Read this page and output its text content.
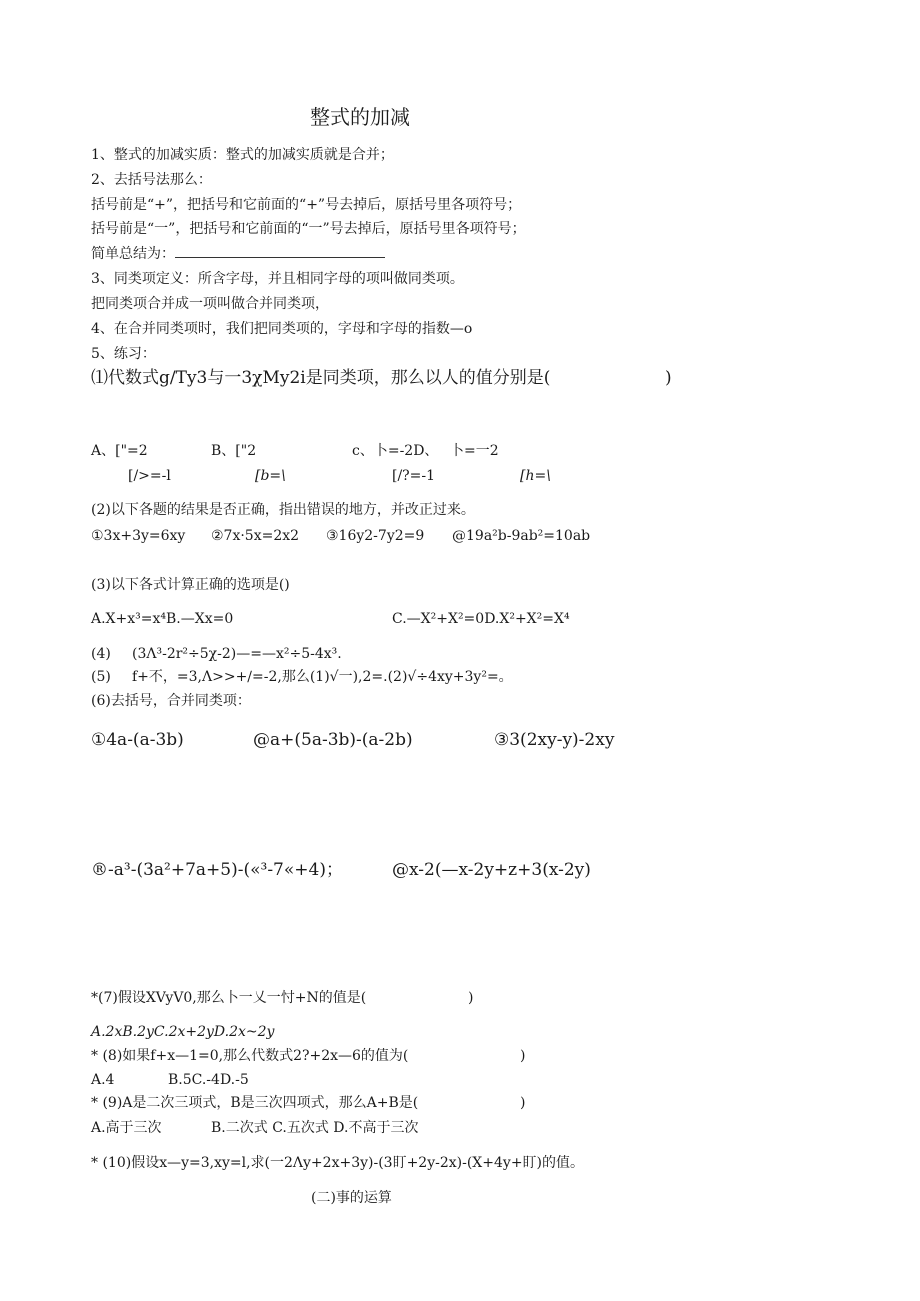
整式的加减
1、整式的加减实质：整式的加减实质就是合并；
2、去括号法那么：
括号前是“+”，把括号和它前面的“+”号去掉后，原括号里各项符号；
括号前是“一”，把括号和它前面的“一”号去掉后，原括号里各项符号；
简单总结为：
3、同类项定义：所含字母，并且相同字母的项叫做同类项。
把同类项合并成一项叫做合并同类项，
4、在合并同类项时，我们把同类项的，字母和字母的指数—o
5、练习：
⑴代数式g/Ty3与一3χMy2i是同类项，那么以人的值分别是(	)
A、["=2	B、["2	c、卜=-2D、 卜=一2
[/>=-l	[b=\	[/?=-1	[h=\
(2)以下各题的结果是否正确，指出错误的地方，并改正过来。
①3x+3y=6xy ②7x·5x=2x2 ③16y2-7y2=9 @19a²b-9ab²=10ab
(3)以下各式计算正确的选项是()
A.X+x³=x⁴B.—Xx=0	C.—X²+X²=0D.X²+X²=X⁴
(4) (3Λ³-2r²÷5χ-2)—=—x²÷5-4x³.
(5) f+不，=3,Λ>>+∕=-2,那么(1)√一),2=.(2)√÷4xy+3y²=。
(6)去括号，合并同类项：
①4a-(a-3b)	@a+(5a-3b)-(a-2b)	③3(2xy-y)-2xy
®-a³-(3a²+7a+5)-(«³-7«+4)；	@x-2(—x-2y+z+3(x-2y)
*(7)假设XVyV0,那么卜一乂一忖+N的值是(	)
A.2xB.2yC.2x+2yD.2x~2y
* (8)如果f+x—1=0,那么代数式2?+2x—6的值为(	)
A.4	B.5C.-4D.-5
* (9)A是二次三项式，B是三次四项式，那么A+B是(	)
A.高于三次	B.二次式 C.五次式 D.不高于三次
* (10)假设x—y=3,xy=l,求(一2Λy+2x+3y)-(3盯+2y-2x)-(X+4y+盯)的值。
(二)事的运算
